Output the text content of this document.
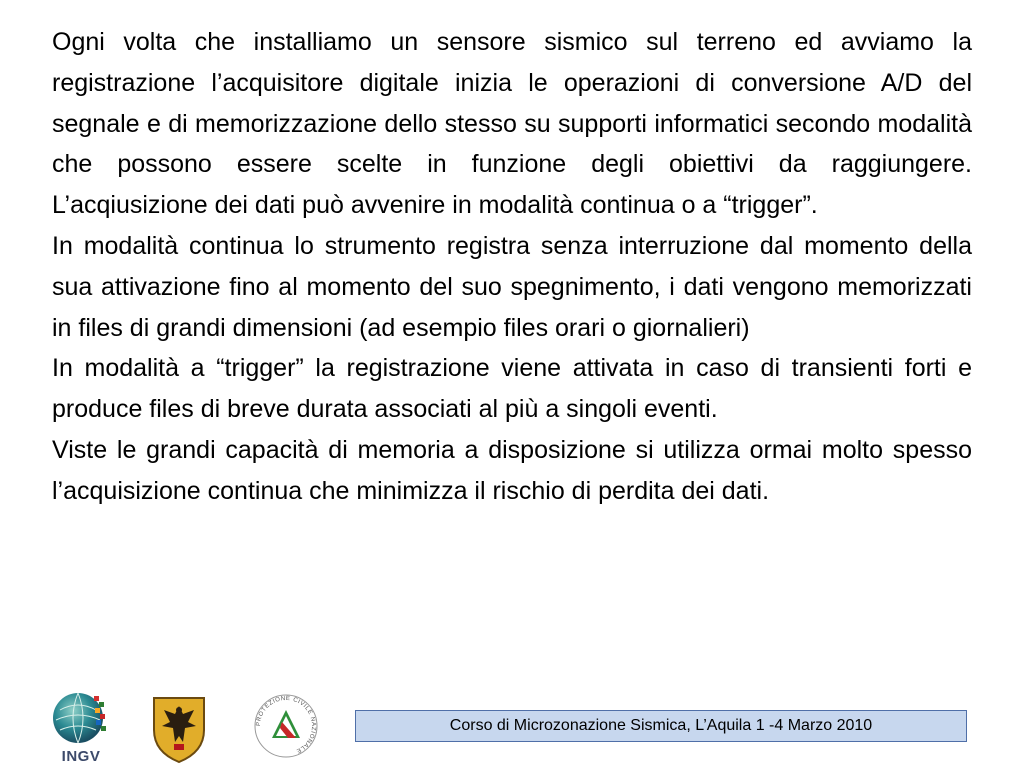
Ogni volta che installiamo un sensore sismico sul terreno ed avviamo la registrazione l’acquisitore digitale inizia le operazioni di conversione A/D del segnale e di memorizzazione dello stesso su supporti informatici secondo modalità che possono essere scelte in funzione degli obiettivi da raggiungere. L’acqiusizione dei dati può avvenire in modalità continua o a “trigger”.

In modalità continua lo strumento registra senza interruzione dal momento della sua attivazione fino al momento del suo spegnimento, i dati vengono memorizzati in files di grandi dimensioni (ad esempio files orari o giornalieri)

In modalità a “trigger” la registrazione viene attivata in caso di transienti forti e produce files di breve durata associati al più a singoli eventi.

Viste le grandi capacità di memoria a disposizione si utilizza ormai molto spesso l’acquisizione continua che minimizza il rischio di perdita dei dati.

INGV
PROTEZIONE CIVILE NAZIONALE
Corso di Microzonazione Sismica, L’Aquila 1 -4 Marzo 2010
